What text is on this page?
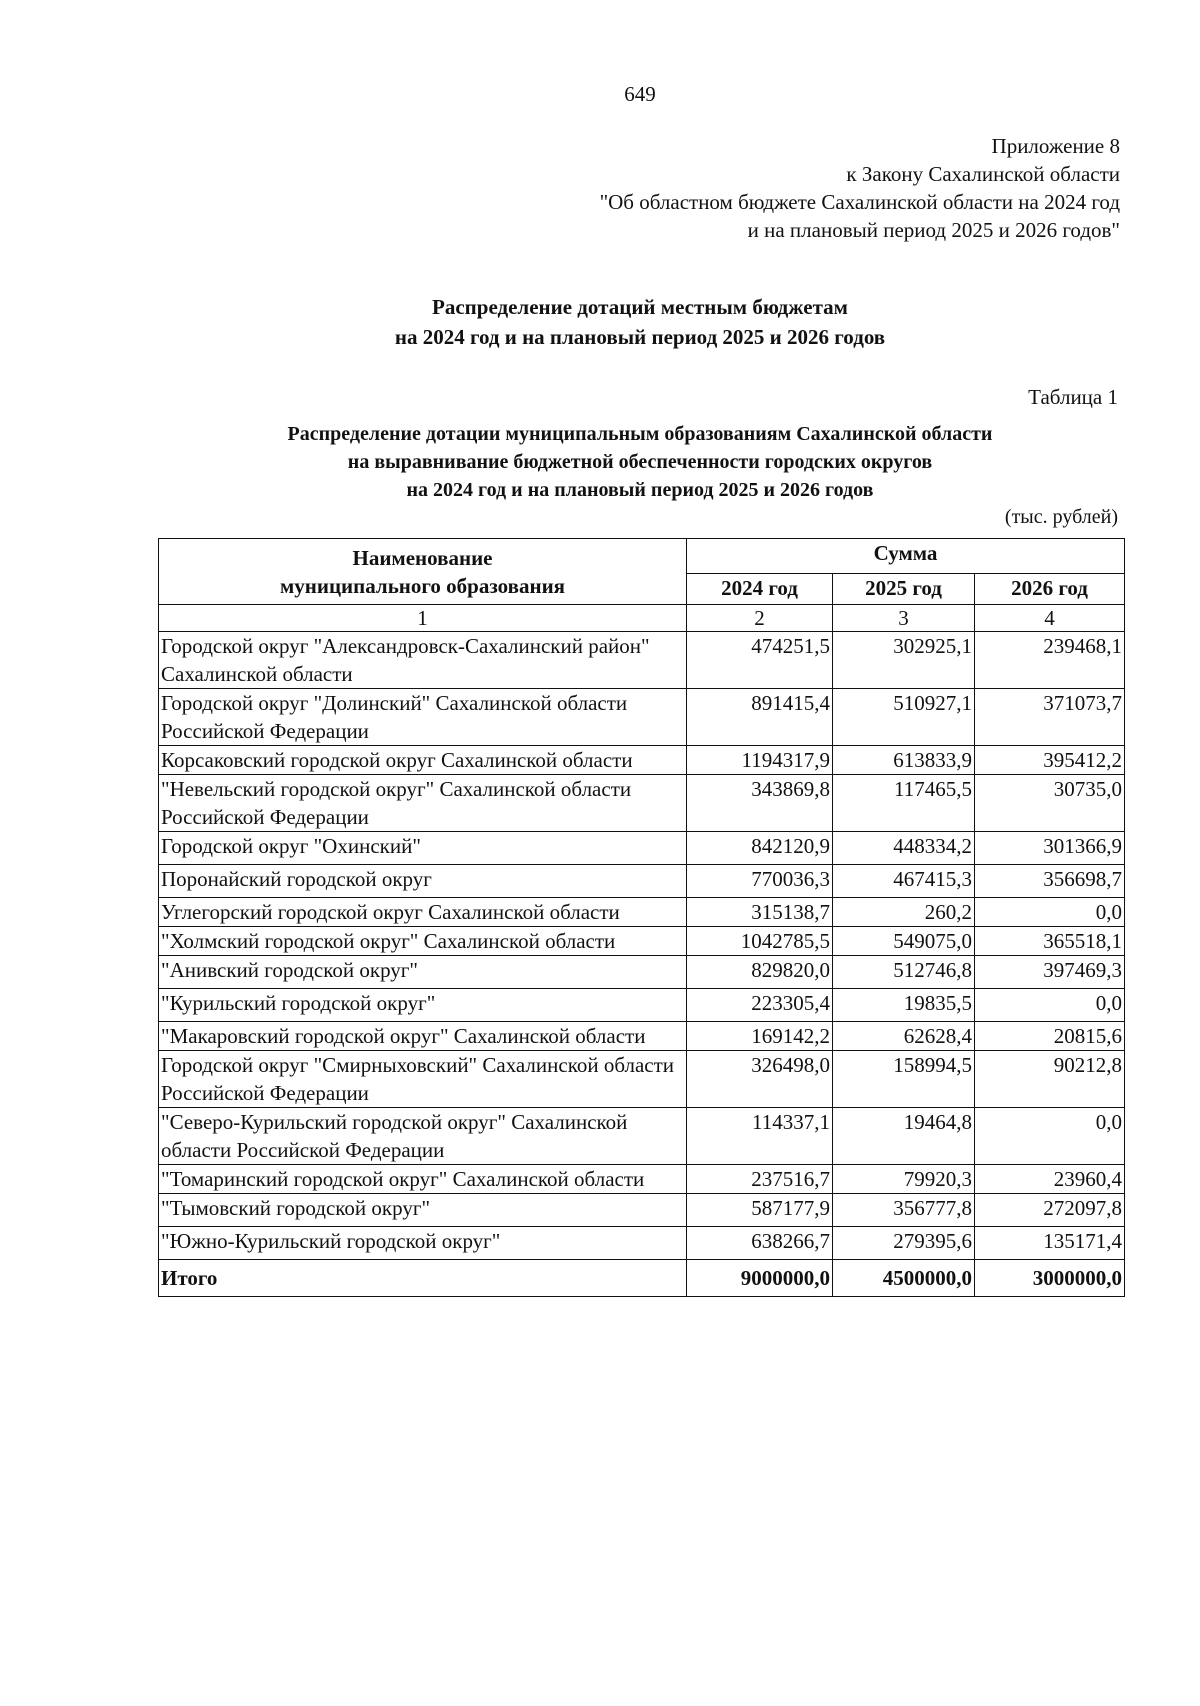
649
Приложение 8
к Закону Сахалинской области
"Об областном бюджете Сахалинской области на 2024 год
и на плановый период 2025 и 2026 годов"
Распределение дотаций местным бюджетам
на 2024 год и на плановый период 2025 и 2026 годов
Таблица 1
Распределение дотации муниципальным образованиям Сахалинской области
на выравнивание бюджетной обеспеченности городских округов
на 2024 год и на плановый период 2025 и 2026 годов
(тыс. рублей)
Наименование
муниципального образования	Сумма		
	2024 год	2025 год	2026 год
1	2	3	4
Городской округ "Александровск-Сахалинский район" Сахалинской области	474251,5	302925,1	239468,1
Городской округ "Долинский" Сахалинской области Российской Федерации	891415,4	510927,1	371073,7
Корсаковский городской округ Сахалинской области	1194317,9	613833,9	395412,2
"Невельский городской округ" Сахалинской области Российской Федерации	343869,8	117465,5	30735,0
Городской округ "Охинский"	842120,9	448334,2	301366,9
Поронайский городской округ	770036,3	467415,3	356698,7
Углегорский городской округ Сахалинской области	315138,7	260,2	0,0
"Холмский городской округ" Сахалинской области	1042785,5	549075,0	365518,1
"Анивский городской округ"	829820,0	512746,8	397469,3
"Курильский городской округ"	223305,4	19835,5	0,0
"Макаровский городской округ" Сахалинской области	169142,2	62628,4	20815,6
Городской округ "Смирныховский" Сахалинской области Российской Федерации	326498,0	158994,5	90212,8
"Северо-Курильский городской округ" Сахалинской области Российской Федерации	114337,1	19464,8	0,0
"Томаринский городской округ" Сахалинской области	237516,7	79920,3	23960,4
"Тымовский городской округ"	587177,9	356777,8	272097,8
"Южно-Курильский городской округ"	638266,7	279395,6	135171,4
Итого	9000000,0	4500000,0	3000000,0
